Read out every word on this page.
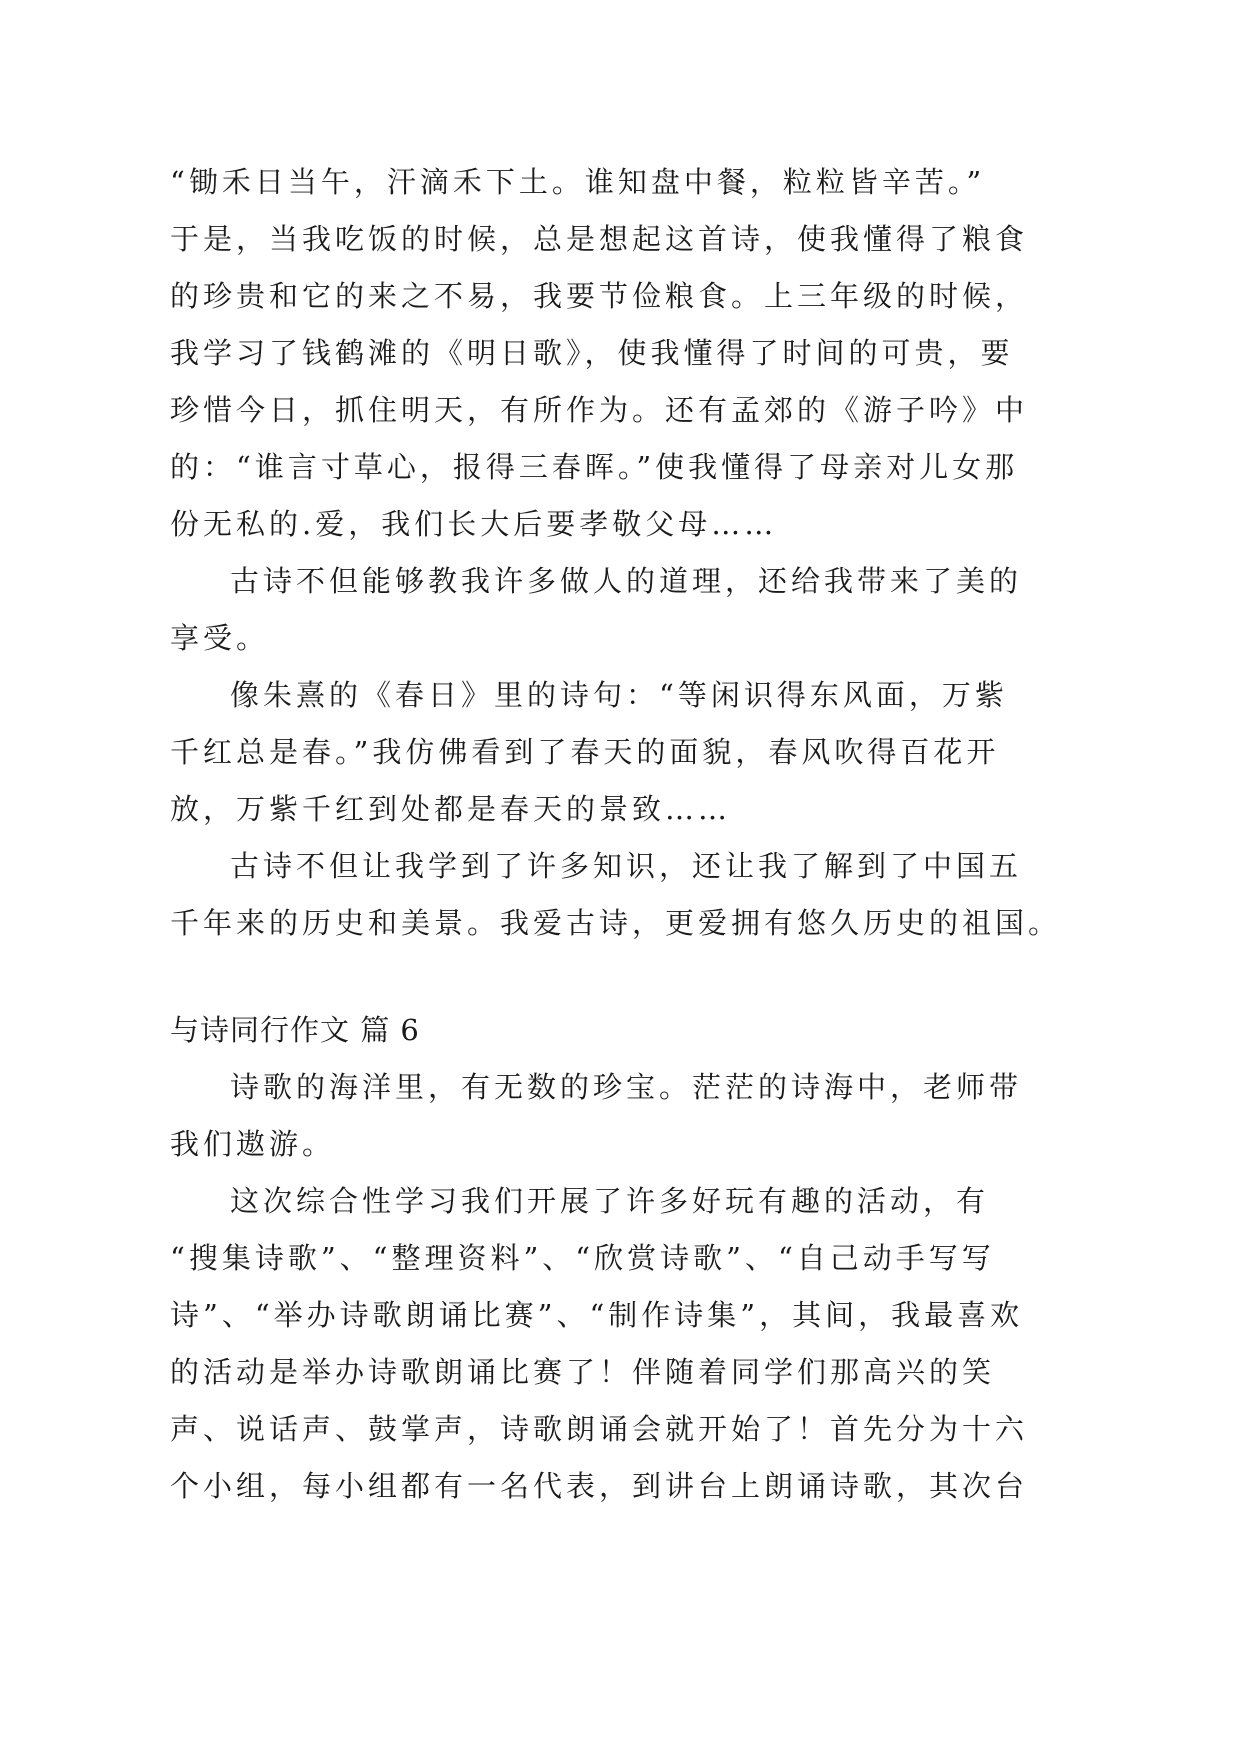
“锄禾日当午，汗滴禾下土。谁知盘中餐，粒粒皆辛苦。”
于是，当我吃饭的时候，总是想起这首诗，使我懂得了粮食
的珍贵和它的来之不易，我要节俭粮食。上三年级的时候，
我学习了钱鹤滩的《明日歌》，使我懂得了时间的可贵，要
珍惜今日，抓住明天，有所作为。还有孟郊的《游子吟》中
的：“谁言寸草心，报得三春晖。”使我懂得了母亲对儿女那
份无私的.爱，我们长大后要孝敬父母……
古诗不但能够教我许多做人的道理，还给我带来了美的
享受。
像朱熹的《春日》里的诗句：“等闲识得东风面，万紫
千红总是春。”我仿佛看到了春天的面貌，春风吹得百花开
放，万紫千红到处都是春天的景致……
古诗不但让我学到了许多知识，还让我了解到了中国五
千年来的历史和美景。我爱古诗，更爱拥有悠久历史的祖国。
与诗同行作文 篇 6
诗歌的海洋里，有无数的珍宝。茫茫的诗海中，老师带
我们遨游。
这次综合性学习我们开展了许多好玩有趣的活动，有
“搜集诗歌”、“整理资料”、“欣赏诗歌”、“自己动手写写
诗”、“举办诗歌朗诵比赛”、“制作诗集”，其间，我最喜欢
的活动是举办诗歌朗诵比赛了！伴随着同学们那高兴的笑
声、说话声、鼓掌声，诗歌朗诵会就开始了！首先分为十六
个小组，每小组都有一名代表，到讲台上朗诵诗歌，其次台
